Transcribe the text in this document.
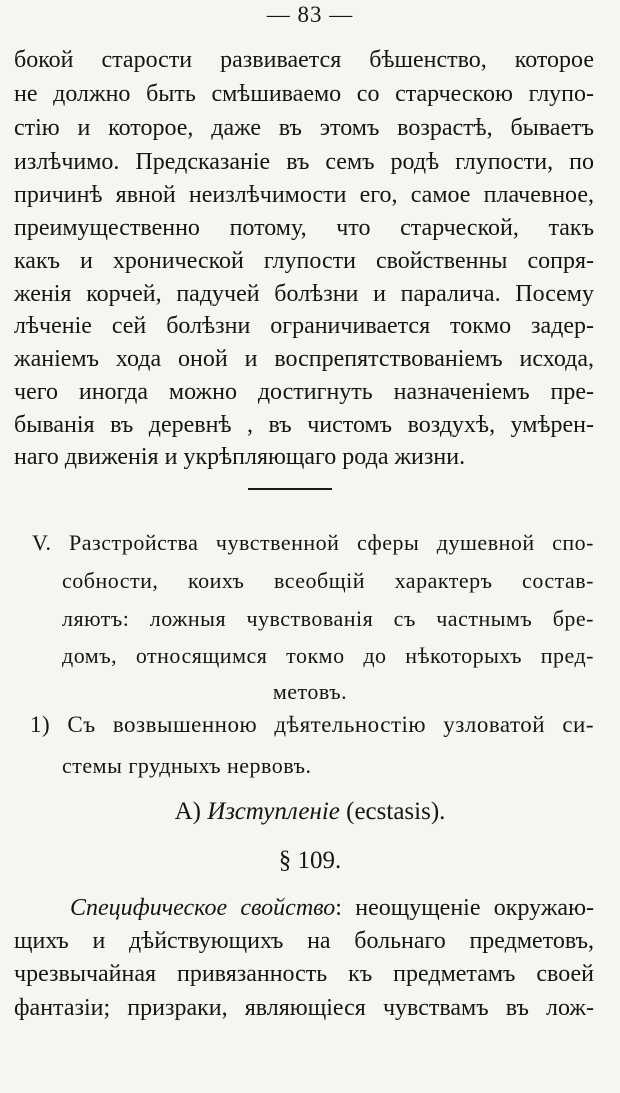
— 83 —
бокой старости развивается бѣшенство, которое
не должно быть смѣшиваемо со старческою глупо-
стію и которое, даже въ этомъ возрастѣ, бываетъ
излѣчимо. Предсказаніе въ семъ родѣ глупости, по
причинѣ явной неизлѣчимости его, самое плачевное,
преимущественно потому, что старческой, такъ
какъ и хронической глупости свойственны сопря-
женія корчей, падучей болѣзни и паралича. Посему
лѣченіе сей болѣзни ограничивается токмо задер-
жаніемъ хода оной и воспрепятствованіемъ исхода,
чего иногда можно достигнуть назначеніемъ пре-
быванія въ деревнѣ , въ чистомъ воздухѣ, умѣрен-
наго движенія и укрѣпляющаго рода жизни.
V. Разстройства чувственной сферы душевной спо-
собности, коихъ всеобщій характеръ состав-
ляютъ: ложныя чувствованія съ частнымъ бре-
домъ, относящимся токмо до нѣкоторыхъ пред-
метовъ.
1) Съ возвышенною дѣятельностію узловатой си-
стемы грудныхъ нервовъ.
А) Изступленіе (ecstasis).
§ 109.
Специфическое свойство: неощущеніе окружаю-
щихъ и дѣйствующихъ на больнаго предметовъ,
чрезвычайная привязанность къ предметамъ своей
фантазіи; призраки, являющіеся чувствамъ въ лож-
